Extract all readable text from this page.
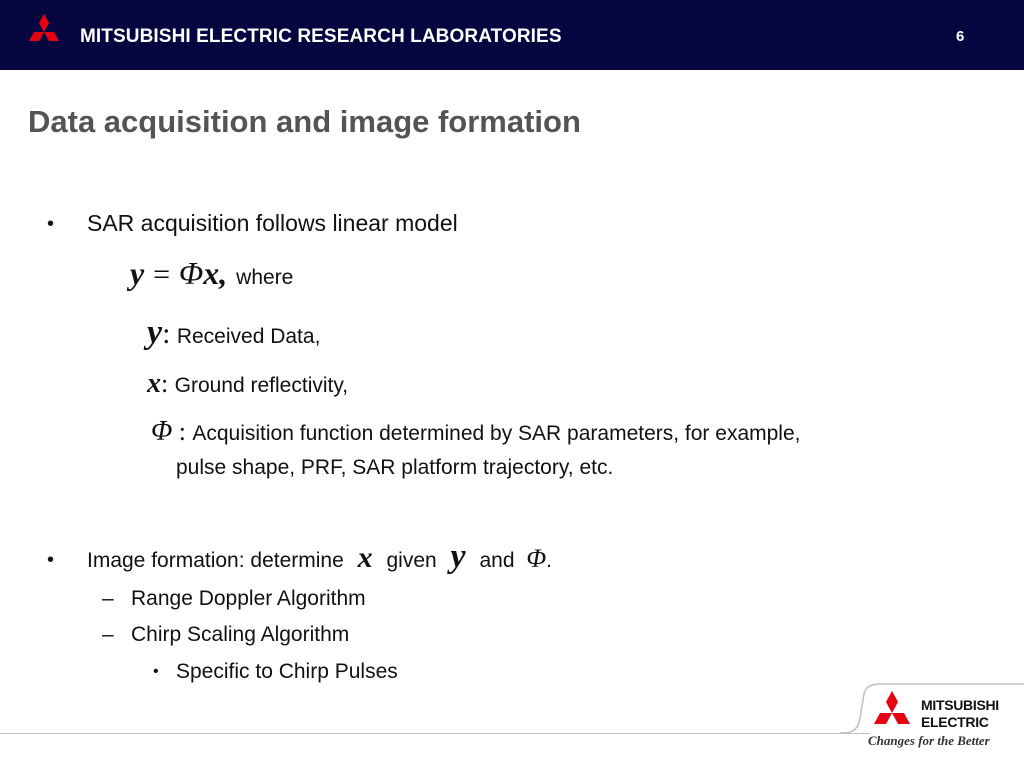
MITSUBISHI ELECTRIC RESEARCH LABORATORIES	6
Data acquisition and image formation
• SAR acquisition follows linear model
y = Φx, where
y: Received Data,
x: Ground reflectivity,
Φ : Acquisition function determined by SAR parameters, for example,
pulse shape, PRF, SAR platform trajectory, etc.
• Image formation: determine x given y and Φ.
– Range Doppler Algorithm
– Chirp Scaling Algorithm
• Specific to Chirp Pulses
MITSUBISHI
ELECTRIC
Changes for the Better
